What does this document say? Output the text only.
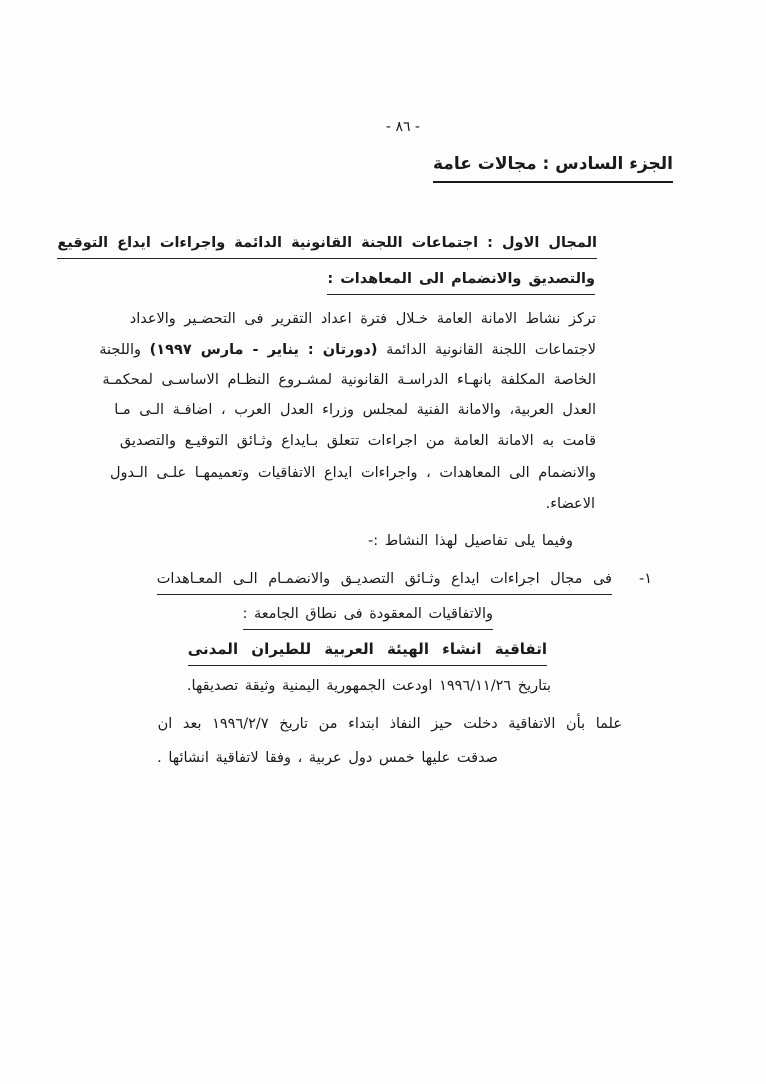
- ٨٦ -
الجزء السادس : مجالات عامة
المجال الاول : اجتماعات اللجنة القانونية الدائمة واجراءات ايداع التوقيع
والتصديق والانضمام الى المعاهدات :
تركز نشاط الامانة العامة خـلال فترة اعداد التقرير فى التحضـير والاعداد
لاجتماعات اللجنة القانونية الدائمة (دورتان : يناير - مارس ١٩٩٧) واللجنة
الخاصة المكلفة بانهـاء الدراسـة القانونية لمشـروع النظـام الاساسـى لمحكمـة
العدل العربية، والامانة الفنية لمجلس وزراء العدل العرب ، اضافـة الـى مـا
قامت به الامانة العامة من اجراءات تتعلق بـايداع وثـائق التوقيـع والتصديق
والانضمام الى المعاهدات ، واجراءات ايداع الاتفاقيات وتعميمهـا علـى الـدول
الاعضاء.
وفيما يلى تفاصيل لهذا النشاط :-
١-
فى مجال اجراءات ايداع وثـائق التصديـق والانضمـام الـى المعـاهدات
والاتفاقيات المعقودة فى نطاق الجامعة :
اتفاقية انشاء الهيئة العربية للطيران المدنى
بتاريخ ١٩٩٦/١١/٢٦ اودعت الجمهورية اليمنية وثيقة تصديقها.
علما بأن الاتفاقية دخلت حيز النفاذ ابتداء من تاريخ ١٩٩٦/٢/٧ بعد ان
صدقت عليها خمس دول عربية ، وفقا لاتفاقية انشائها .
